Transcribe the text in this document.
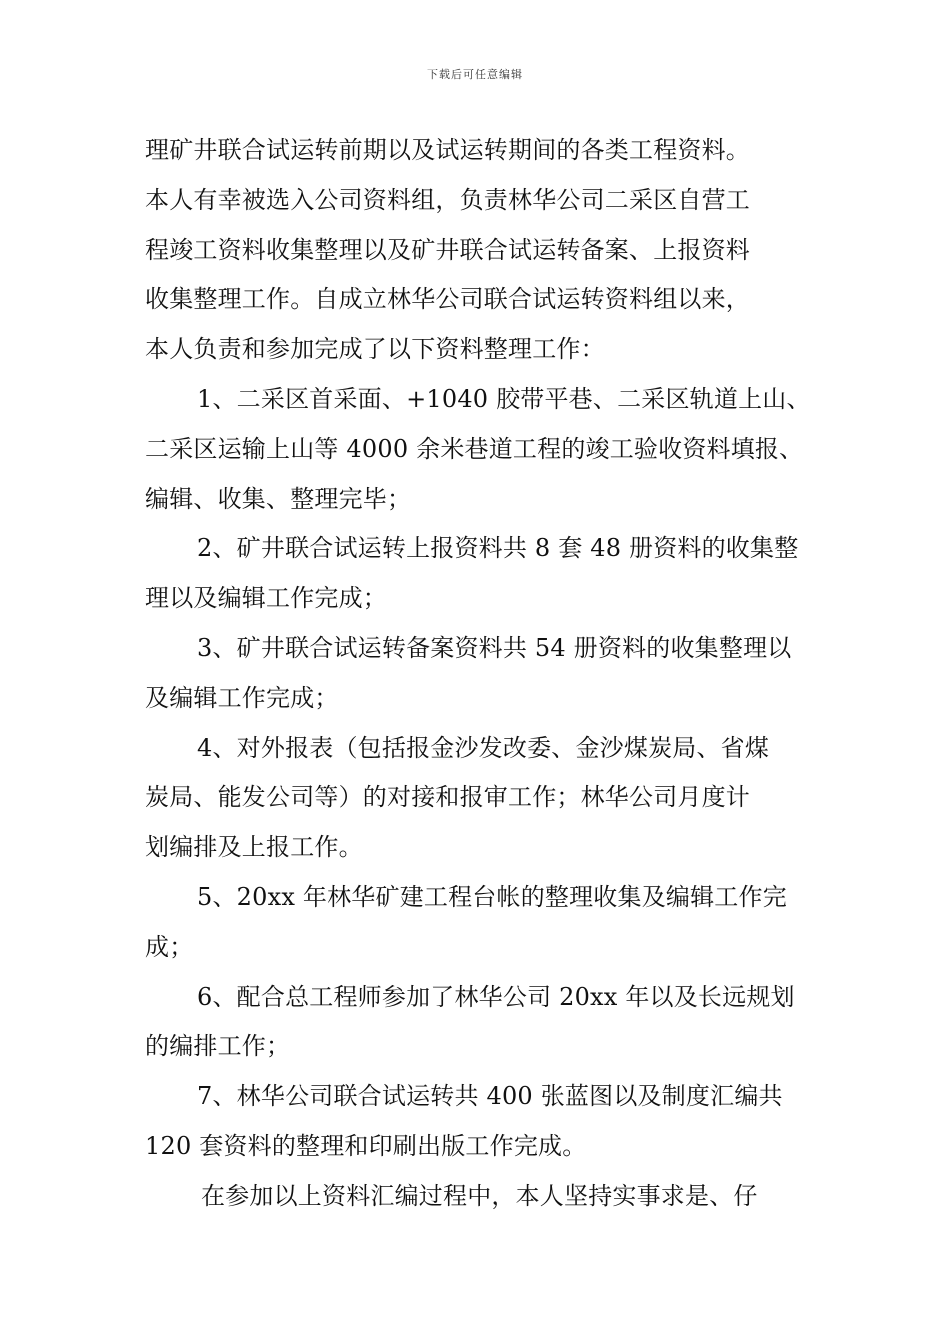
下载后可任意编辑
理矿井联合试运转前期以及试运转期间的各类工程资料。
本人有幸被选入公司资料组，负责林华公司二采区自营工
程竣工资料收集整理以及矿井联合试运转备案、上报资料
收集整理工作。自成立林华公司联合试运转资料组以来，
本人负责和参加完成了以下资料整理工作：
1、二采区首采面、+1040 胶带平巷、二采区轨道上山、
二采区运输上山等 4000 余米巷道工程的竣工验收资料填报、
编辑、收集、整理完毕；
2、矿井联合试运转上报资料共 8 套 48 册资料的收集整
理以及编辑工作完成；
3、矿井联合试运转备案资料共 54 册资料的收集整理以
及编辑工作完成；
4、对外报表（包括报金沙发改委、金沙煤炭局、省煤
炭局、能发公司等）的对接和报审工作；林华公司月度计
划编排及上报工作。
5、20xx 年林华矿建工程台帐的整理收集及编辑工作完
成；
6、配合总工程师参加了林华公司 20xx 年以及长远规划
的编排工作；
7、林华公司联合试运转共 400 张蓝图以及制度汇编共
120 套资料的整理和印刷出版工作完成。
在参加以上资料汇编过程中，本人坚持实事求是、仔
